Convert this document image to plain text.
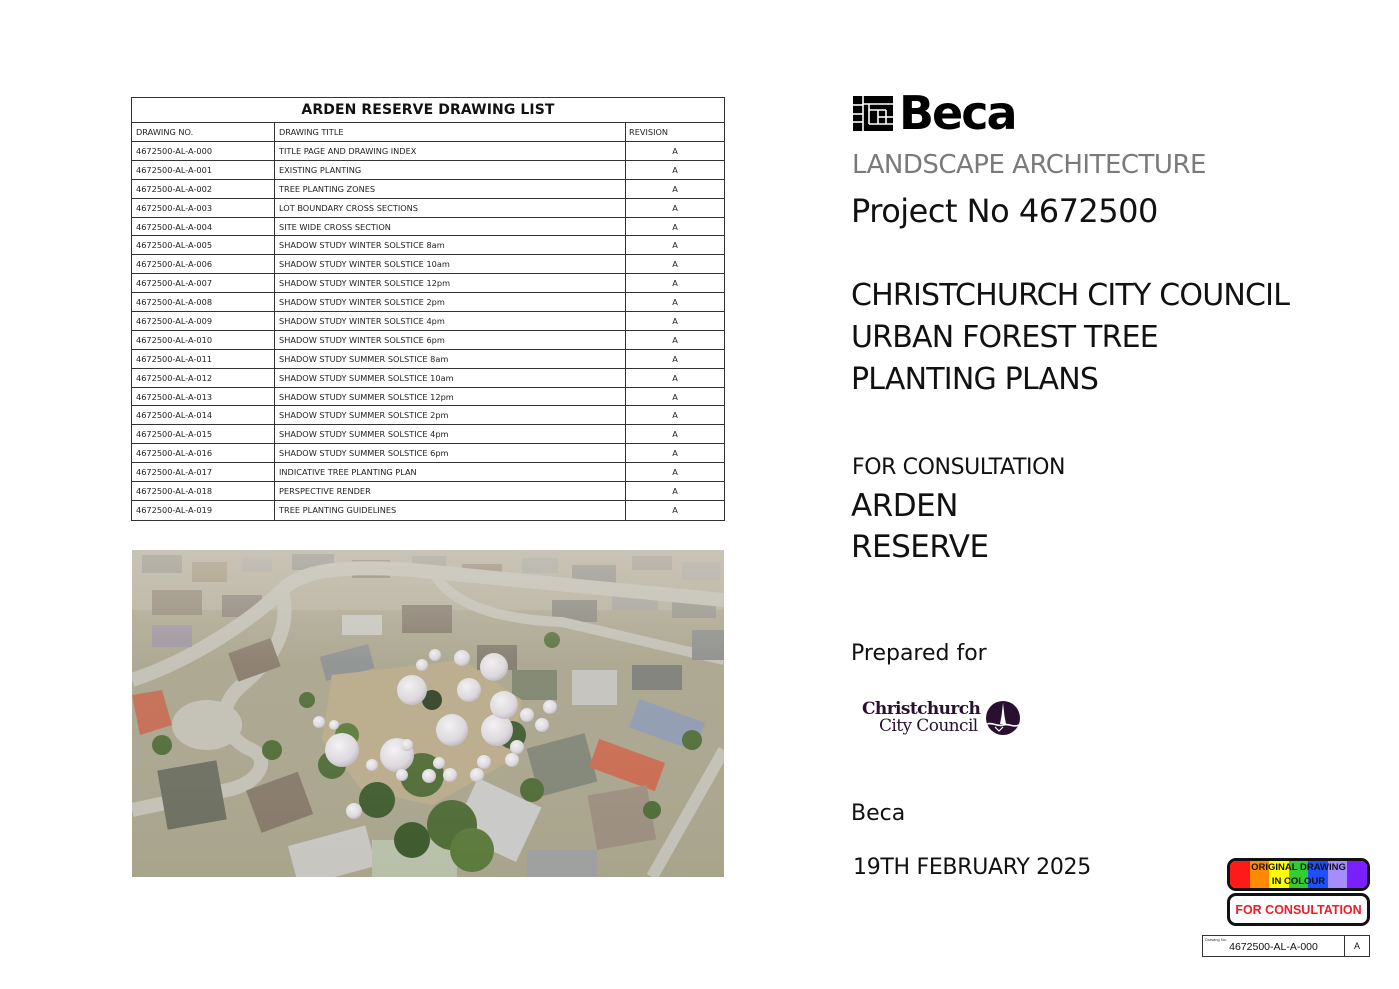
ARDEN RESERVE DRAWING LIST
DRAWING NO.	DRAWING TITLE	REVISION
4672500-AL-A-000	TITLE PAGE AND DRAWING INDEX	A
4672500-AL-A-001	EXISTING PLANTING	A
4672500-AL-A-002	TREE PLANTING ZONES	A
4672500-AL-A-003	LOT BOUNDARY CROSS SECTIONS	A
4672500-AL-A-004	SITE WIDE CROSS SECTION	A
4672500-AL-A-005	SHADOW STUDY WINTER SOLSTICE 8am	A
4672500-AL-A-006	SHADOW STUDY WINTER SOLSTICE 10am	A
4672500-AL-A-007	SHADOW STUDY WINTER SOLSTICE 12pm	A
4672500-AL-A-008	SHADOW STUDY WINTER SOLSTICE 2pm	A
4672500-AL-A-009	SHADOW STUDY WINTER SOLSTICE 4pm	A
4672500-AL-A-010	SHADOW STUDY WINTER SOLSTICE 6pm	A
4672500-AL-A-011	SHADOW STUDY SUMMER SOLSTICE 8am	A
4672500-AL-A-012	SHADOW STUDY SUMMER SOLSTICE 10am	A
4672500-AL-A-013	SHADOW STUDY SUMMER SOLSTICE 12pm	A
4672500-AL-A-014	SHADOW STUDY SUMMER SOLSTICE 2pm	A
4672500-AL-A-015	SHADOW STUDY SUMMER SOLSTICE 4pm	A
4672500-AL-A-016	SHADOW STUDY SUMMER SOLSTICE 6pm	A
4672500-AL-A-017	INDICATIVE TREE PLANTING PLAN	A
4672500-AL-A-018	PERSPECTIVE RENDER	A
4672500-AL-A-019	TREE PLANTING GUIDELINES	A
Beca
LANDSCAPE ARCHITECTURE
Project No 4672500
CHRISTCHURCH CITY COUNCIL
URBAN FOREST TREE
PLANTING PLANS
FOR CONSULTATION
ARDEN
RESERVE
Prepared for
Christchurch
City Council
Beca
19TH FEBRUARY 2025	ORIGINAL DRAWING
IN COLOUR
FOR CONSULTATION
Drawing No.
4672500-AL-A-000	A
